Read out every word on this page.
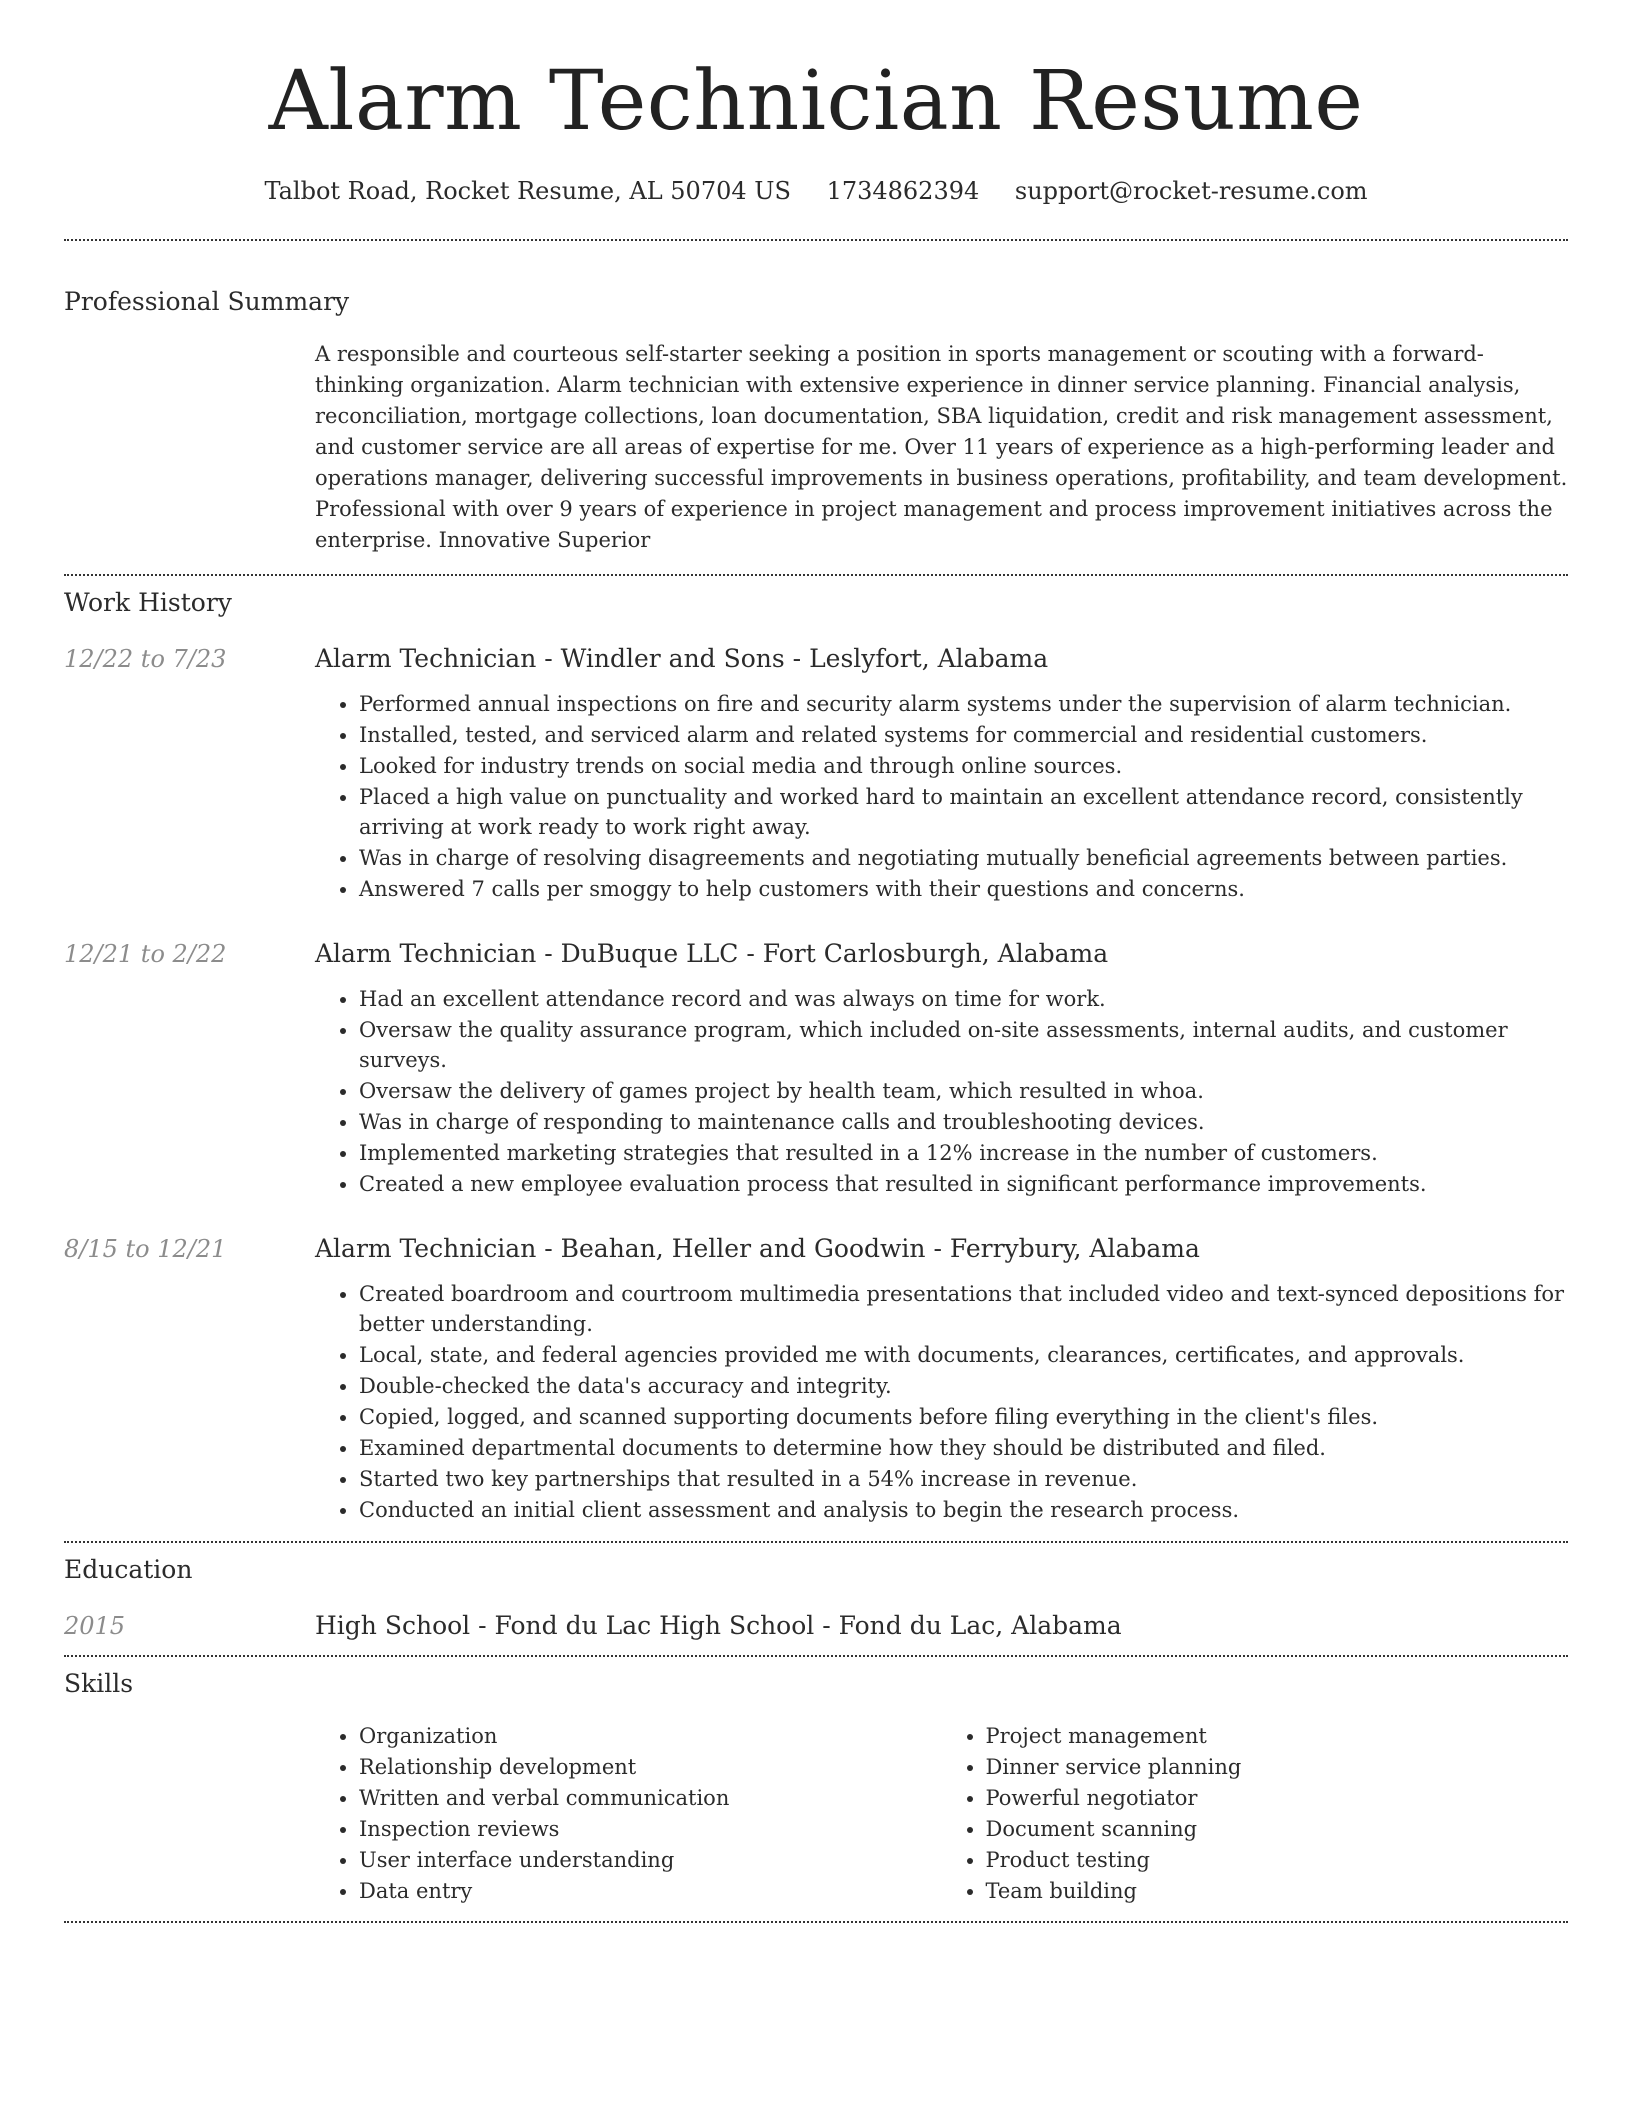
Alarm Technician Resume
Talbot Road, Rocket Resume, AL 50704 US 1734862394 support@rocket-resume.com
Professional Summary
A responsible and courteous self-starter seeking a position in sports management or scouting with a forward-thinking organization. Alarm technician with extensive experience in dinner service planning. Financial analysis, reconciliation, mortgage collections, loan documentation, SBA liquidation, credit and risk management assessment, and customer service are all areas of expertise for me. Over 11 years of experience as a high-performing leader and operations manager, delivering successful improvements in business operations, profitability, and team development. Professional with over 9 years of experience in project management and process improvement initiatives across the enterprise. Innovative Superior
Work History
12/22 to 7/23	Alarm Technician - Windler and Sons - Leslyfort, Alabama
• Performed annual inspections on fire and security alarm systems under the supervision of alarm technician.
• Installed, tested, and serviced alarm and related systems for commercial and residential customers.
• Looked for industry trends on social media and through online sources.
• Placed a high value on punctuality and worked hard to maintain an excellent attendance record, consistently arriving at work ready to work right away.
• Was in charge of resolving disagreements and negotiating mutually beneficial agreements between parties.
• Answered 7 calls per smoggy to help customers with their questions and concerns.
12/21 to 2/22	Alarm Technician - DuBuque LLC - Fort Carlosburgh, Alabama
• Had an excellent attendance record and was always on time for work.
• Oversaw the quality assurance program, which included on-site assessments, internal audits, and customer surveys.
• Oversaw the delivery of games project by health team, which resulted in whoa.
• Was in charge of responding to maintenance calls and troubleshooting devices.
• Implemented marketing strategies that resulted in a 12% increase in the number of customers.
• Created a new employee evaluation process that resulted in significant performance improvements.
8/15 to 12/21	Alarm Technician - Beahan, Heller and Goodwin - Ferrybury, Alabama
• Created boardroom and courtroom multimedia presentations that included video and text-synced depositions for better understanding.
• Local, state, and federal agencies provided me with documents, clearances, certificates, and approvals.
• Double-checked the data's accuracy and integrity.
• Copied, logged, and scanned supporting documents before filing everything in the client's files.
• Examined departmental documents to determine how they should be distributed and filed.
• Started two key partnerships that resulted in a 54% increase in revenue.
• Conducted an initial client assessment and analysis to begin the research process.
Education
2015	High School - Fond du Lac High School - Fond du Lac, Alabama
Skills
• Organization
• Relationship development
• Written and verbal communication
• Inspection reviews
• User interface understanding
• Data entry
• Project management
• Dinner service planning
• Powerful negotiator
• Document scanning
• Product testing
• Team building
